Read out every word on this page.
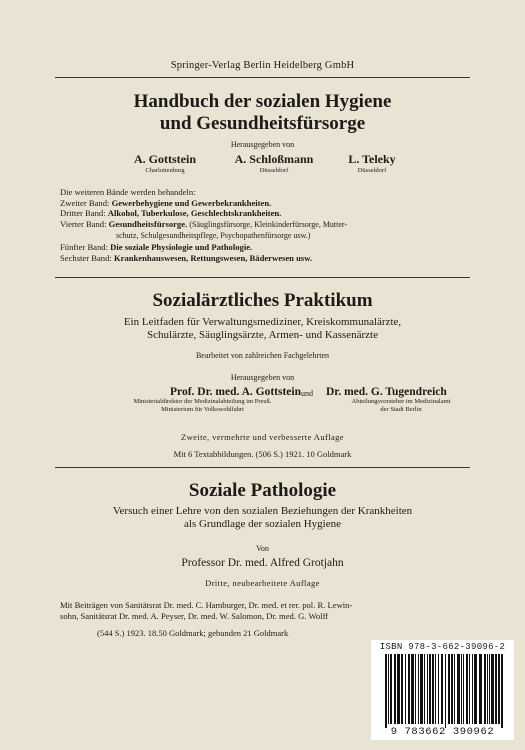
Springer-Verlag Berlin Heidelberg GmbH
Handbuch der sozialen Hygiene
und Gesundheitsfürsorge
Herausgegeben von
A. Gottstein
Charlottenburg
A. Schloßmann
Düsseldorf
L. Teleky
Düsseldorf
Die weiteren Bände werden behandeln:
Zweiter Band: Gewerbehygiene und Gewerbekrankheiten.
Dritter Band: Alkohol, Tuberkulose, Geschlechtskrankheiten.
Vierter Band: Gesundheitsfürsorge. (Säuglingsfürsorge, Kleinkinderfürsorge, Mutter-
schutz, Schulgesundheitspflege, Psychopathenfürsorge usw.)
Fünfter Band: Die soziale Physiologie und Pathologie.
Sechster Band: Krankenhauswesen, Rettungswesen, Bäderwesen usw.
Sozialärztliches Praktikum
Ein Leitfaden für Verwaltungsmediziner, Kreiskommunalärzte,
Schulärzte, Säuglingsärzte, Armen- und Kassenärzte
Bearbeitet von zahlreichen Fachgelehrten
Herausgegeben von
Prof. Dr. med. A. Gottstein
Ministerialdirektor der Medizinalabteilung im Preuß.
Ministerium für Volkswohlfahrt
und Dr. med. G. Tugendreich
Abteilungsvorsteher im Medizinalamt
der Stadt Berlin
Zweite, vermehrte und verbesserte Auflage
Mit 6 Textabbildungen. (506 S.) 1921. 10 Goldmark
Soziale Pathologie
Versuch einer Lehre von den sozialen Beziehungen der Krankheiten
als Grundlage der sozialen Hygiene
Von
Professor Dr. med. Alfred Grotjahn
Dritte, neubearbeitete Auflage
Mit Beiträgen von Sanitätsrat Dr. med. C. Hamburger, Dr. med. et rer. pol. R. Lewin-
sohn, Sanitätsrat Dr. med. A. Peyser, Dr. med. W. Salomon, Dr. med. G. Wolff
(544 S.) 1923. 18.50 Goldmark; gebunden 21 Goldmark
ISBN 978-3-662-39096-2
9 783662 390962
